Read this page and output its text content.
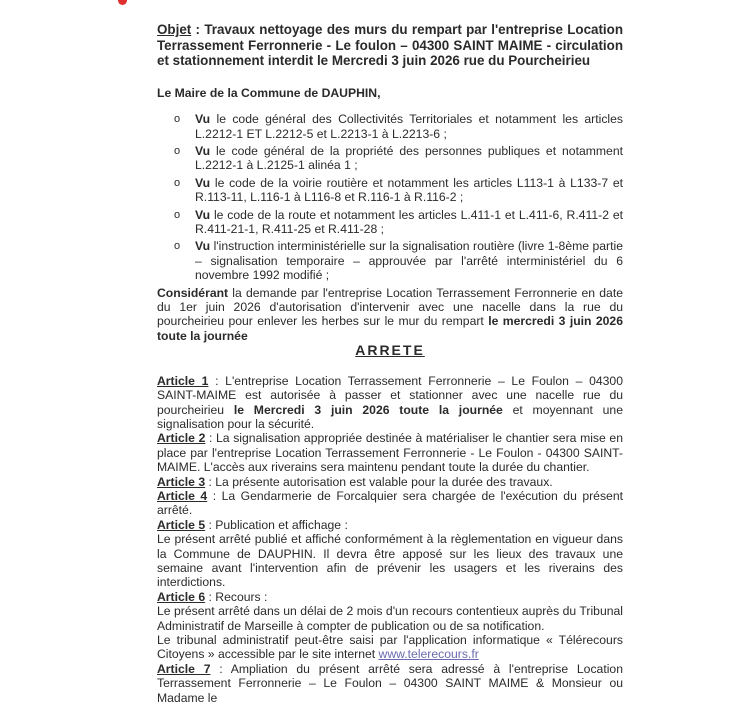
Objet : Travaux nettoyage des murs du rempart par l'entreprise Location Terrassement Ferronnerie - Le foulon – 04300 SAINT MAIME - circulation et stationnement interdit le Mercredi 3 juin 2026 rue du Pourcheirieu

Le Maire de la Commune de DAUPHIN,
o Vu le code général des Collectivités Territoriales et notamment les articles L.2212-1 ET L.2212-5 et L.2213-1 à L.2213-6 ;
o Vu le code général de la propriété des personnes publiques et notamment L.2212-1 à L.2125-1 alinéa 1 ;
o Vu le code de la voirie routière et notamment les articles L113-1 à L133-7 et R.113-11, L.116-1 à L116-8 et R.116-1 à R.116-2 ;
o Vu le code de la route et notamment les articles L.411-1 et L.411-6, R.411-2 et R.411-21-1, R.411-25 et R.411-28 ;
o Vu l'instruction interministérielle sur la signalisation routière (livre 1-8ème partie – signalisation temporaire – approuvée par l'arrêté interministériel du 6 novembre 1992 modifié ;

Considérant la demande par l'entreprise Location Terrassement Ferronnerie en date du 1er juin 2026 d'autorisation d'intervenir avec une nacelle dans la rue du pourcheirieu pour enlever les herbes sur le mur du rempart le mercredi 3 juin 2026 toute la journée

ARRETE

Article 1 : L'entreprise Location Terrassement Ferronnerie – Le Foulon – 04300 SAINT-MAIME est autorisée à passer et stationner avec une nacelle rue du pourcheirieu le Mercredi 3 juin 2026 toute la journée et moyennant une signalisation pour la sécurité.

Article 2 : La signalisation appropriée destinée à matérialiser le chantier sera mise en place par l'entreprise Location Terrassement Ferronnerie - Le Foulon - 04300 SAINT-MAIME. L'accès aux riverains sera maintenu pendant toute la durée du chantier.

Article 3 : La présente autorisation est valable pour la durée des travaux.

Article 4 : La Gendarmerie de Forcalquier sera chargée de l'exécution du présent arrêté.

Article 5 : Publication et affichage :

Le présent arrêté publié et affiché conformément à la règlementation en vigueur dans la Commune de DAUPHIN. Il devra être apposé sur les lieux des travaux une semaine avant l'intervention afin de prévenir les usagers et les riverains des interdictions.

Article 6 : Recours :

Le présent arrêté dans un délai de 2 mois d'un recours contentieux auprès du Tribunal Administratif de Marseille à compter de publication ou de sa notification.

Le tribunal administratif peut-être saisi par l'application informatique « Télérecours Citoyens » accessible par le site internet www.telerecours.fr

Article 7 : Ampliation du présent arrêté sera adressé à l'entreprise Location Terrassement Ferronnerie – Le Foulon – 04300 SAINT MAIME & Monsieur ou Madame le
